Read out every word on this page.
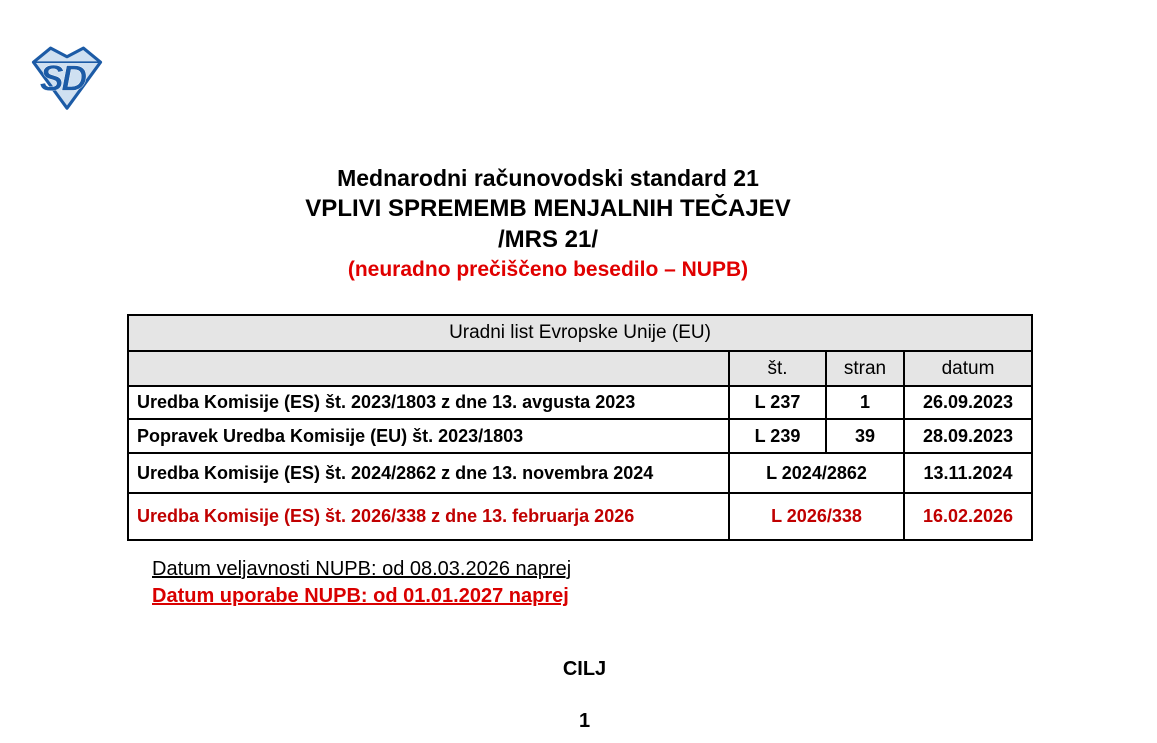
SD
Mednarodni računovodski standard 21
VPLIVI SPREMEMB MENJALNIH TEČAJEV
/MRS 21/
(neuradno prečiščeno besedilo – NUPB)
Uradni list Evropske Unije (EU)			
	št.	stran	datum
Uredba Komisije (ES) št. 2023/1803 z dne 13. avgusta 2023	L 237	1	26.09.2023
Popravek Uredba Komisije (EU) št. 2023/1803	L 239	39	28.09.2023
Uredba Komisije (ES) št. 2024/2862 z dne 13. novembra 2024	L 2024/2862		13.11.2024
Uredba Komisije (ES) št. 2026/338 z dne 13. februarja 2026	L 2026/338		16.02.2026
Datum veljavnosti NUPB: od 08.03.2026 naprej
Datum uporabe NUPB: od 01.01.2027 naprej
CILJ
1
